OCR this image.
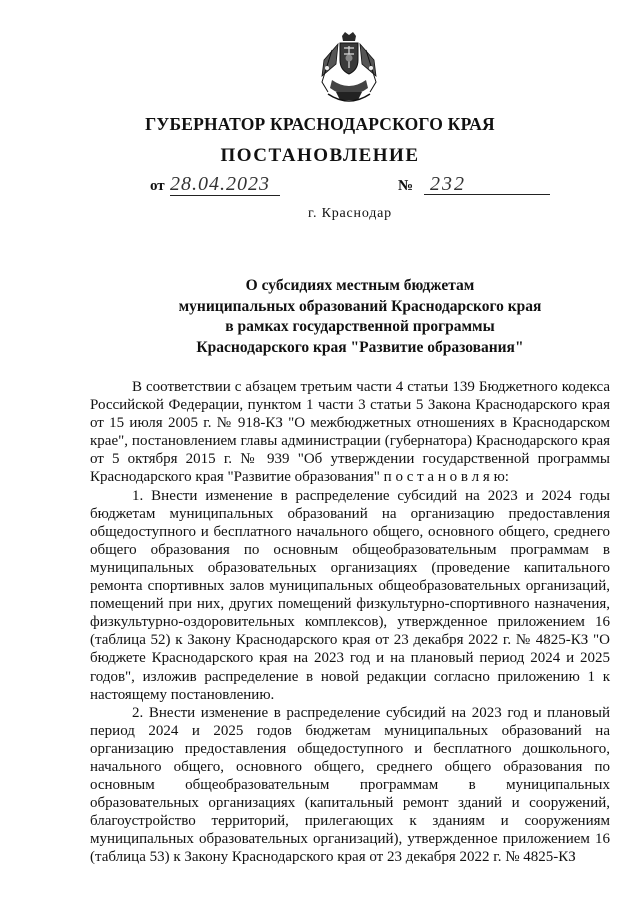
ГУБЕРНАТОР КРАСНОДАРСКОГО КРАЯ
ПОСТАНОВЛЕНИЕ
от 28.04.2023	№ 232
г. Краснодар
О субсидиях местным бюджетам
муниципальных образований Краснодарского края
в рамках государственной программы
Краснодарского края "Развитие образования"

В соответствии с абзацем третьим части 4 статьи 139 Бюджетного кодекса Российской Федерации, пунктом 1 части 3 статьи 5 Закона Краснодарского края от 15 июля 2005 г. № 918-КЗ "О межбюджетных отношениях в Краснодарском крае", постановлением главы администрации (губернатора) Краснодарского края от 5 октября 2015 г. № 939 "Об утверждении государственной программы Краснодарского края "Развитие образования" п о с т а н о в л я ю:

1. Внести изменение в распределение субсидий на 2023 и 2024 годы бюджетам муниципальных образований на организацию предоставления общедоступного и бесплатного начального общего, основного общего, среднего общего образования по основным общеобразовательным программам в муниципальных образовательных организациях (проведение капитального ремонта спортивных залов муниципальных общеобразовательных организаций, помещений при них, других помещений физкультурно-спортивного назначения, физкультурно-оздоровительных комплексов), утвержденное приложением 16 (таблица 52) к Закону Краснодарского края от 23 декабря 2022 г. № 4825-КЗ "О бюджете Краснодарского края на 2023 год и на плановый период 2024 и 2025 годов", изложив распределение в новой редакции согласно приложению 1 к настоящему постановлению.

2. Внести изменение в распределение субсидий на 2023 год и плановый период 2024 и 2025 годов бюджетам муниципальных образований на организацию предоставления общедоступного и бесплатного дошкольного, начального общего, основного общего, среднего общего образования по основным общеобразовательным программам в муниципальных образовательных организациях (капитальный ремонт зданий и сооружений, благоустройство территорий, прилегающих к зданиям и сооружениям муниципальных образовательных организаций), утвержденное приложением 16 (таблица 53) к Закону Краснодарского края от 23 декабря 2022 г. № 4825-КЗ
